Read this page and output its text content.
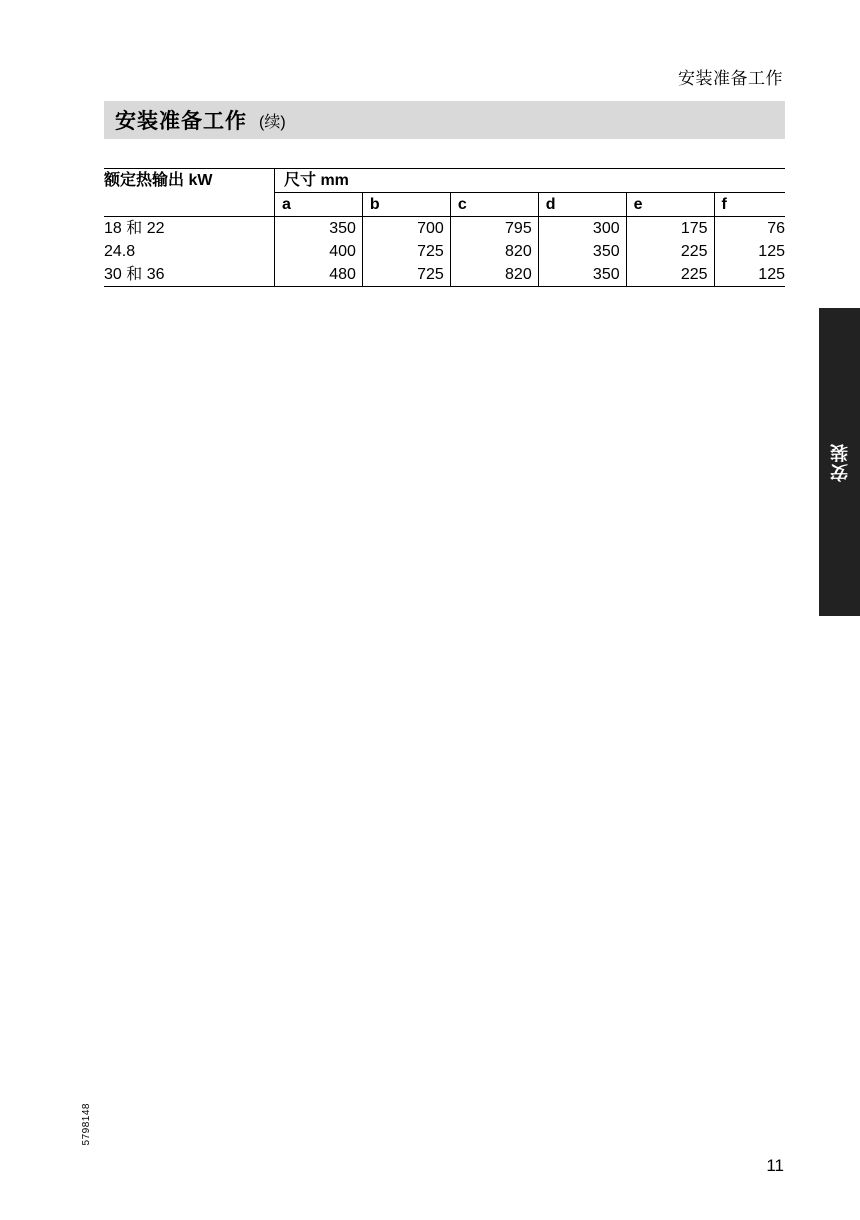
安装准备工作
安装准备工作 (续)
额定热输出 kW	尺寸 mm					
	a	b	c	d	e	f
18 和 22	350	700	795	300	175	76
24.8	400	725	820	350	225	125
30 和 36	480	725	820	350	225	125
安装
5798148
11
